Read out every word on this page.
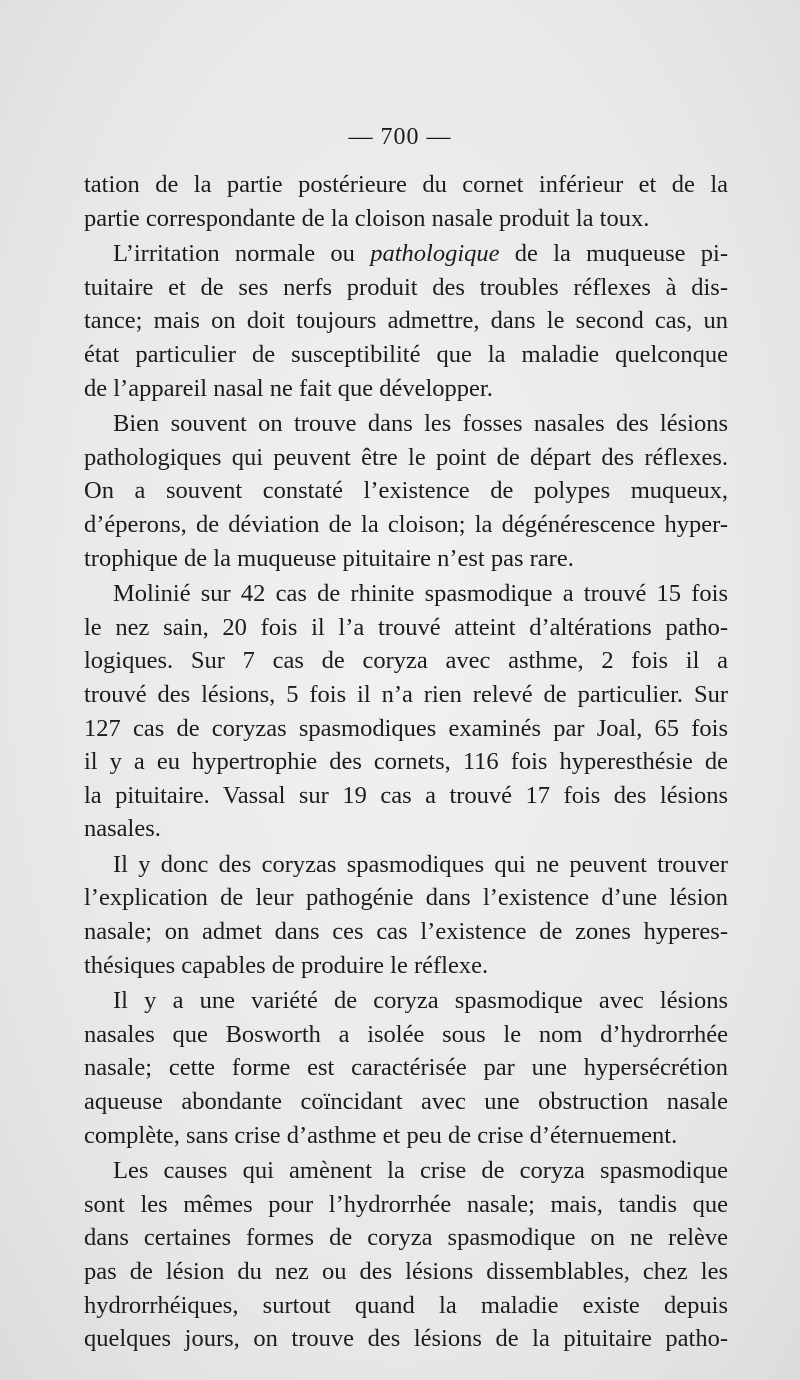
— 700 —
tation de la partie postérieure du cornet inférieur et de la
partie correspondante de la cloison nasale produit la toux.
L’irritation normale ou pathologique de la muqueuse pi-
tuitaire et de ses nerfs produit des troubles réflexes à dis-
tance; mais on doit toujours admettre, dans le second cas, un
état particulier de susceptibilité que la maladie quelconque
de l’appareil nasal ne fait que développer.
Bien souvent on trouve dans les fosses nasales des lésions
pathologiques qui peuvent être le point de départ des réflexes.
On a souvent constaté l’existence de polypes muqueux,
d’éperons, de déviation de la cloison; la dégénérescence hyper-
trophique de la muqueuse pituitaire n’est pas rare.
Molinié sur 42 cas de rhinite spasmodique a trouvé 15 fois
le nez sain, 20 fois il l’a trouvé atteint d’altérations patho-
logiques. Sur 7 cas de coryza avec asthme, 2 fois il a
trouvé des lésions, 5 fois il n’a rien relevé de particulier. Sur
127 cas de coryzas spasmodiques examinés par Joal, 65 fois
il y a eu hypertrophie des cornets, 116 fois hyperesthésie de
la pituitaire. Vassal sur 19 cas a trouvé 17 fois des lésions
nasales.
Il y donc des coryzas spasmodiques qui ne peuvent trouver
l’explication de leur pathogénie dans l’existence d’une lésion
nasale; on admet dans ces cas l’existence de zones hyperes-
thésiques capables de produire le réflexe.
Il y a une variété de coryza spasmodique avec lésions
nasales que Bosworth a isolée sous le nom d’hydrorrhée
nasale; cette forme est caractérisée par une hypersécrétion
aqueuse abondante coïncidant avec une obstruction nasale
complète, sans crise d’asthme et peu de crise d’éternuement.
Les causes qui amènent la crise de coryza spasmodique
sont les mêmes pour l’hydrorrhée nasale; mais, tandis que
dans certaines formes de coryza spasmodique on ne relève
pas de lésion du nez ou des lésions dissemblables, chez les
hydrorrhéiques, surtout quand la maladie existe depuis
quelques jours, on trouve des lésions de la pituitaire patho-
